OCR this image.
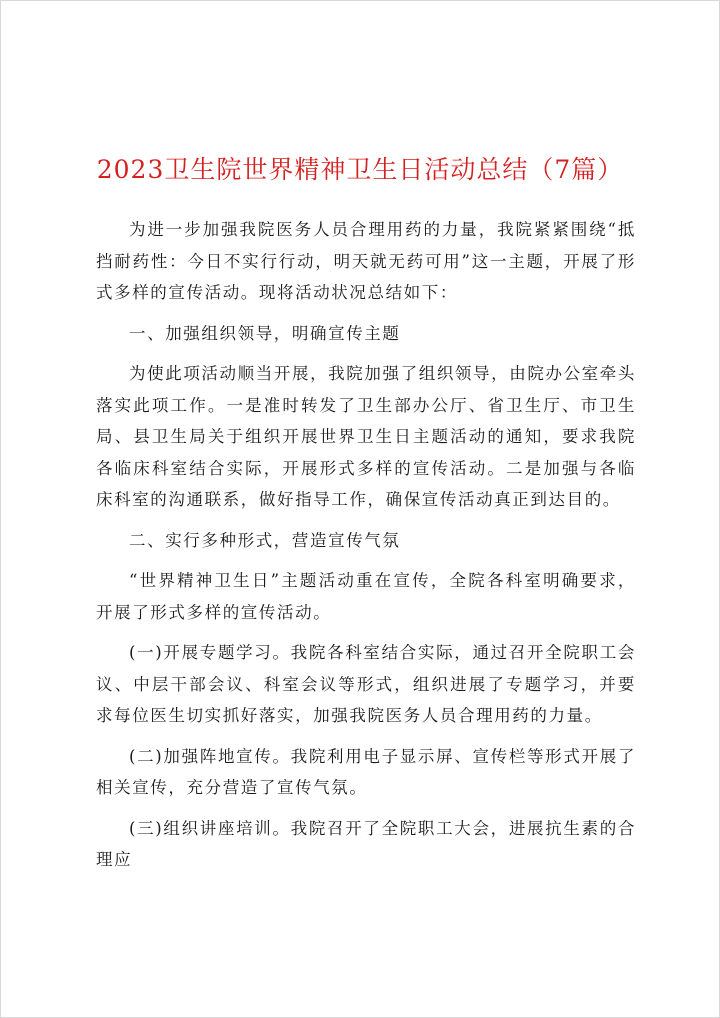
2023卫生院世界精神卫生日活动总结（7篇）

为进一步加强我院医务人员合理用药的力量，我院紧紧围绕“抵挡耐药性：今日不实行行动，明天就无药可用”这一主题，开展了形式多样的宣传活动。现将活动状况总结如下：

一、加强组织领导，明确宣传主题

为使此项活动顺当开展，我院加强了组织领导，由院办公室牵头落实此项工作。一是准时转发了卫生部办公厅、省卫生厅、市卫生局、县卫生局关于组织开展世界卫生日主题活动的通知，要求我院各临床科室结合实际，开展形式多样的宣传活动。二是加强与各临床科室的沟通联系，做好指导工作，确保宣传活动真正到达目的。

二、实行多种形式，营造宣传气氛

“世界精神卫生日”主题活动重在宣传，全院各科室明确要求，开展了形式多样的宣传活动。

(一)开展专题学习。我院各科室结合实际，通过召开全院职工会议、中层干部会议、科室会议等形式，组织进展了专题学习，并要求每位医生切实抓好落实，加强我院医务人员合理用药的力量。

(二)加强阵地宣传。我院利用电子显示屏、宣传栏等形式开展了相关宣传，充分营造了宣传气氛。

(三)组织讲座培训。我院召开了全院职工大会，进展抗生素的合理应
